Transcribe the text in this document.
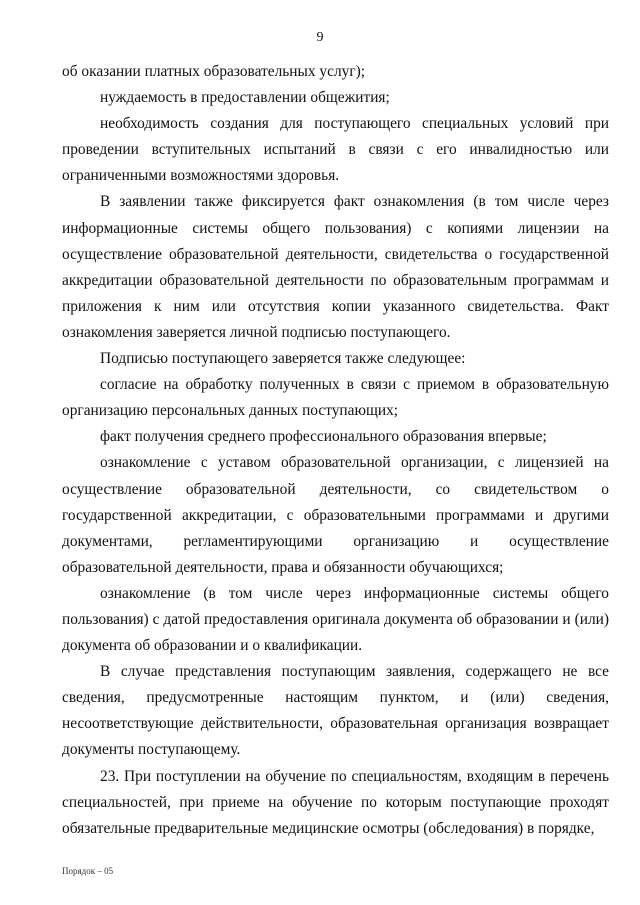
9

об оказании платных образовательных услуг);

нуждаемость в предоставлении общежития;

необходимость создания для поступающего специальных условий при проведении вступительных испытаний в связи с его инвалидностью или ограниченными возможностями здоровья.

В заявлении также фиксируется факт ознакомления (в том числе через информационные системы общего пользования) с копиями лицензии на осуществление образовательной деятельности, свидетельства о государственной аккредитации образовательной деятельности по образовательным программам и приложения к ним или отсутствия копии указанного свидетельства. Факт ознакомления заверяется личной подписью поступающего.

Подписью поступающего заверяется также следующее:

согласие на обработку полученных в связи с приемом в образовательную организацию персональных данных поступающих;

факт получения среднего профессионального образования впервые;

ознакомление с уставом образовательной организации, с лицензией на осуществление образовательной деятельности, со свидетельством о государственной аккредитации, с образовательными программами и другими документами, регламентирующими организацию и осуществление образовательной деятельности, права и обязанности обучающихся;

ознакомление (в том числе через информационные системы общего пользования) с датой предоставления оригинала документа об образовании и (или) документа об образовании и о квалификации.

В случае представления поступающим заявления, содержащего не все сведения, предусмотренные настоящим пунктом, и (или) сведения, несоответствующие действительности, образовательная организация возвращает документы поступающему.

23. При поступлении на обучение по специальностям, входящим в перечень специальностей, при приеме на обучение по которым поступающие проходят обязательные предварительные медицинские осмотры (обследования) в порядке,

Порядок – 05
